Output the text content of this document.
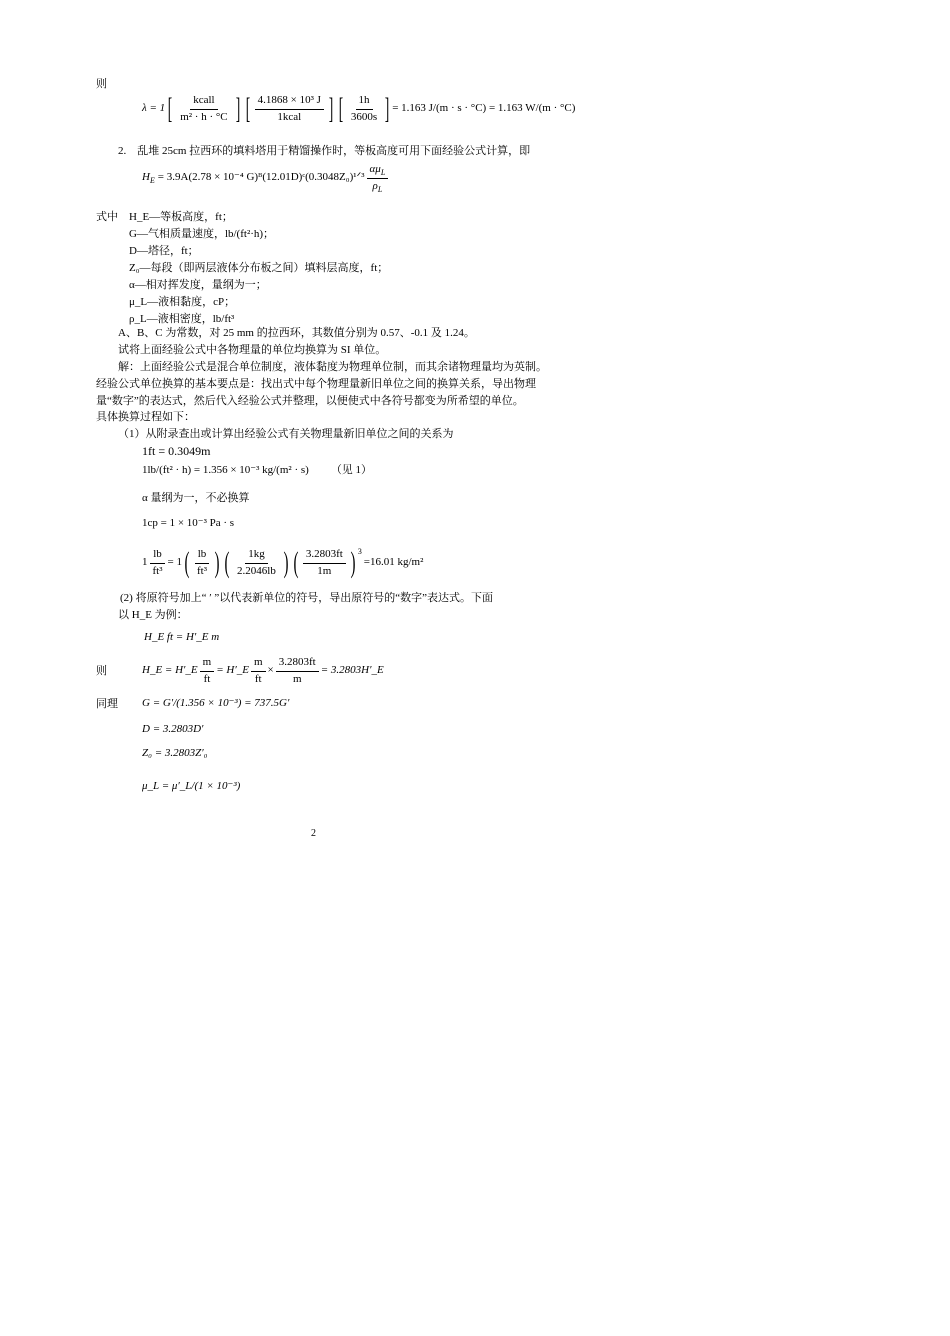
则
λ = 1 [ $\frac{\text{kcall}}{\text{m² · h · °C}}$ ] [ $\frac{\text{4.1868 × 10³ J}}{\text{1kcal}}$ ] [ $\frac{1h}{3600s}$ ] = 1.163 J/(m · s · °C) = 1.163 W/(m · °C)
2.　乱堆 25cm 拉西环的填料塔用于精馏操作时，等板高度可用下面经验公式计算，即
$H_E = 3.9A(2.78 \times 10^{-4}$ G)ᴮ(12.01D)ᶜ(0.3048Z₀)¹ᐟ³ $\frac{\alpha\mu_L}{\rho_L}$
式中 H_E—等板高度，ft；
G—气相质量速度，lb/(ft²·h)；
D—塔径，ft；
Z₀—每段（即两层液体分布板之间）填料层高度，ft；
α—相对挥发度，量纲为一；
μ_L—液相黏度，cP；
ρ_L—液相密度，lb/ft³
A、B、C 为常数，对 25 mm 的拉西环，其数值分别为 0.57、-0.1 及 1.24。
试将上面经验公式中各物理量的单位均换算为 SI 单位。
解：上面经验公式是混合单位制度，液体黏度为物理单位制，而其余诸物理量均为英制。
经验公式单位换算的基本要点是：找出式中每个物理量新旧单位之间的换算关系，导出物理
量“数字”的表达式，然后代入经验公式并整理，以便使式中各符号都变为所希望的单位。
具体换算过程如下：
（1）从附录查出或计算出经验公式有关物理量新旧单位之间的关系为
1ft = 0.3049m
1lb/(ft² · h) = 1.356 × 10⁻³ kg/(m² · s) （见 1）
α 量纲为一，不必换算
1cp = 1 × 10⁻³ Pa · s
$1 \frac{lb}{\text{ft³}} = 1$ ( $\frac{lb}{\text{ft³}}$ ) ( $\frac{1kg}{2.2046lb}$ ) ( $\frac{3.2803ft}{1m}$ ) 3
=16.01 kg/m²
(2) 将原符号加上“ ′ ”以代表新单位的符号，导出原符号的“数字”表达式。下面
以 H_E 为例：
H_E ft = H′_E m
则	H_E = H′_E $\frac{m}{ft}$ = H′_E $\frac{m}{ft} \times \frac{3.2803ft}{m}$ = 3.2803H′_E
同理 G = G′/(1.356 × 10⁻³) = 737.5G′
D = 3.2803D′
Z₀ = 3.2803Z′₀
μ_L = μ′_L/(1 × 10⁻³)
2
